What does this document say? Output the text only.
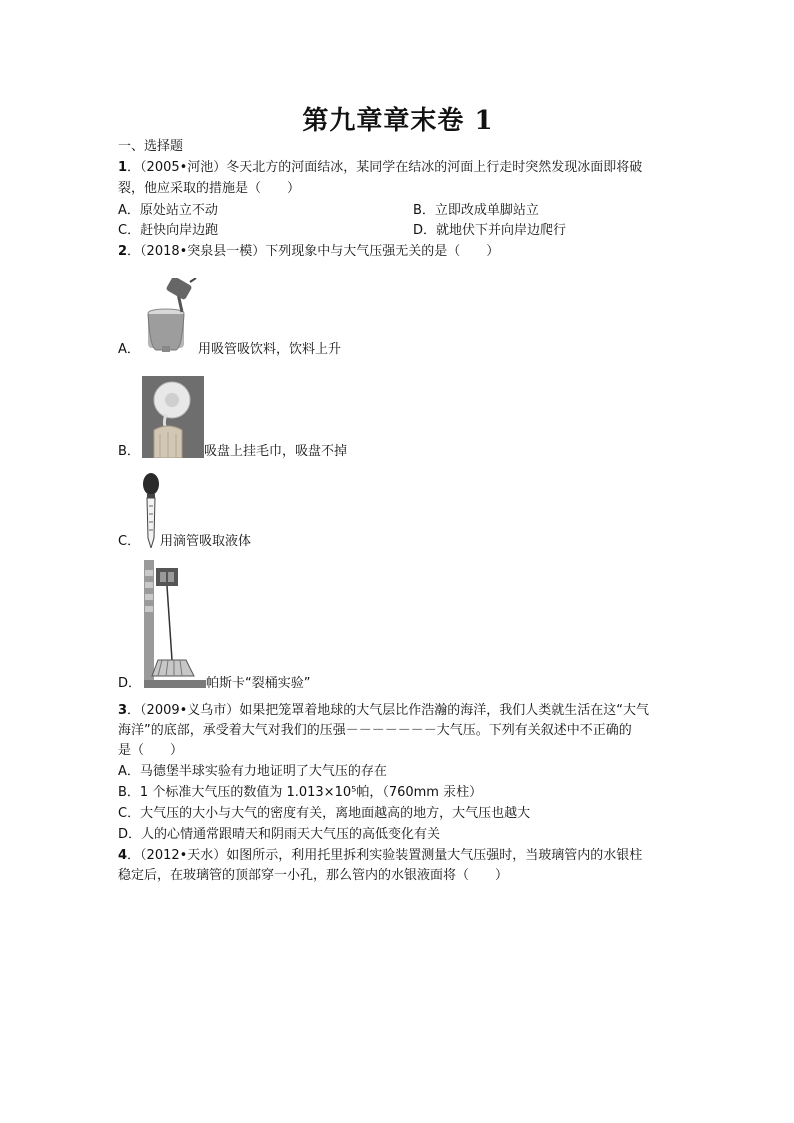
第九章章末卷 1
一、选择题
1．（2005•河池）冬天北方的河面结冰，某同学在结冰的河面上行走时突然发现冰面即将破
裂，他应采取的措施是（　　）
A．原处站立不动	B．立即改成单脚站立
C．赶快向岸边跑	D．就地伏下并向岸边爬行
2．（2018•突泉县一模）下列现象中与大气压强无关的是（　　）
A．	用吸管吸饮料，饮料上升
B．	吸盘上挂毛巾，吸盘不掉
C． 用滴管吸取液体
D．	帕斯卡“裂桶实验”
3．（2009•义乌市）如果把笼罩着地球的大气层比作浩瀚的海洋，我们人类就生活在这“大气
海洋”的底部，承受着大气对我们的压强－－－－－－－大气压。下列有关叙述中不正确的
是（　　）
A．马德堡半球实验有力地证明了大气压的存在
B．1 个标准大气压的数值为 1.013×10⁵帕，（760mm 汞柱）
C．大气压的大小与大气的密度有关，离地面越高的地方，大气压也越大
D．人的心情通常跟晴天和阴雨天大气压的高低变化有关
4．（2012•天水）如图所示，利用托里拆利实验装置测量大气压强时，当玻璃管内的水银柱
稳定后，在玻璃管的顶部穿一小孔，那么管内的水银液面将（　　）
